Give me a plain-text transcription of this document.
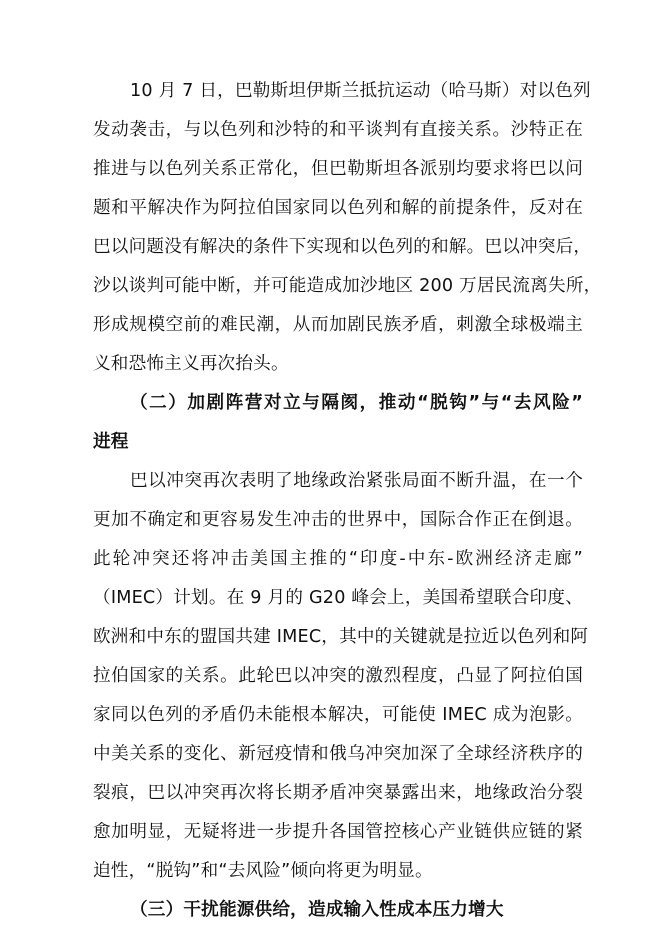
10 月 7 日，巴勒斯坦伊斯兰抵抗运动（哈马斯）对以色列
发动袭击，与以色列和沙特的和平谈判有直接关系。沙特正在
推进与以色列关系正常化，但巴勒斯坦各派别均要求将巴以问
题和平解决作为阿拉伯国家同以色列和解的前提条件，反对在
巴以问题没有解决的条件下实现和以色列的和解。巴以冲突后，
沙以谈判可能中断，并可能造成加沙地区 200 万居民流离失所，
形成规模空前的难民潮，从而加剧民族矛盾，刺激全球极端主
义和恐怖主义再次抬头。
（二）加剧阵营对立与隔阂，推动“脱钩”与“去风险”
进程
巴以冲突再次表明了地缘政治紧张局面不断升温，在一个
更加不确定和更容易发生冲击的世界中，国际合作正在倒退。
此轮冲突还将冲击美国主推的“印度-中东-欧洲经济走廊”
（IMEC）计划。在 9 月的 G20 峰会上，美国希望联合印度、
欧洲和中东的盟国共建 IMEC，其中的关键就是拉近以色列和阿
拉伯国家的关系。此轮巴以冲突的激烈程度，凸显了阿拉伯国
家同以色列的矛盾仍未能根本解决，可能使 IMEC 成为泡影。
中美关系的变化、新冠疫情和俄乌冲突加深了全球经济秩序的
裂痕，巴以冲突再次将长期矛盾冲突暴露出来，地缘政治分裂
愈加明显，无疑将进一步提升各国管控核心产业链供应链的紧
迫性，“脱钩”和“去风险”倾向将更为明显。
（三）干扰能源供给，造成输入性成本压力增大
